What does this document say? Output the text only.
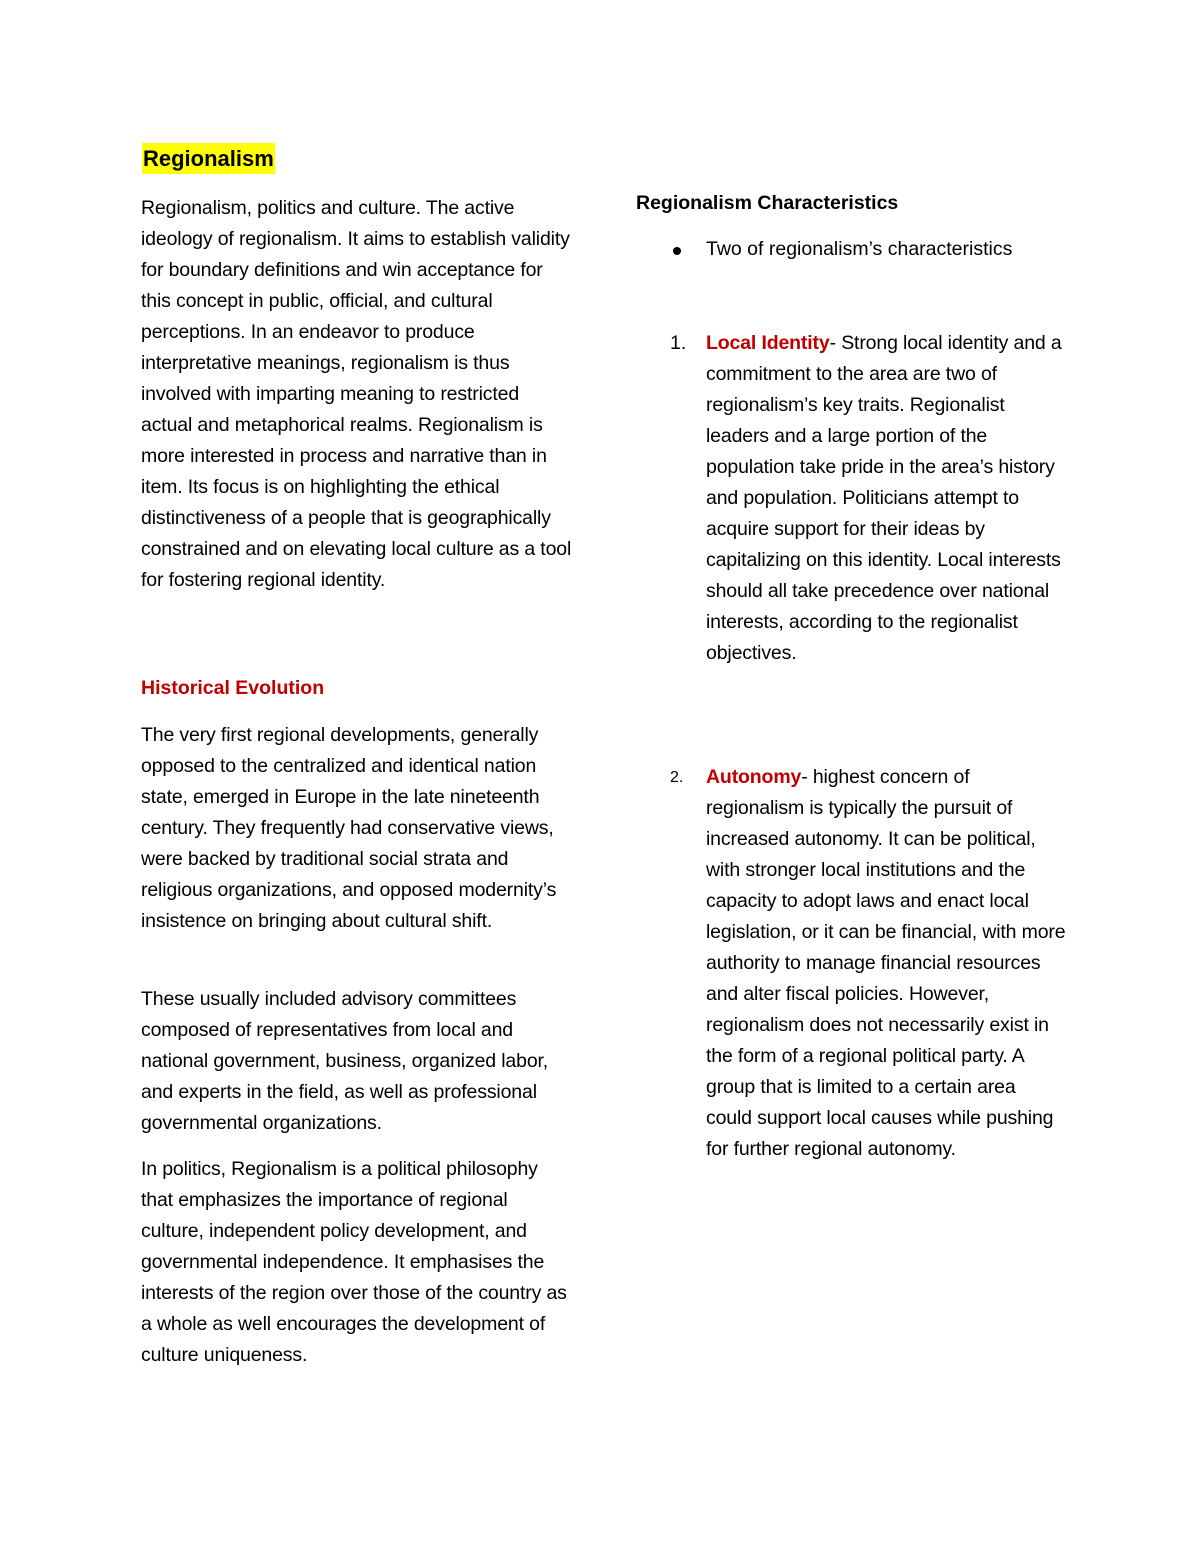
Regionalism

Regionalism, politics and culture. The active ideology of regionalism. It aims to establish validity for boundary definitions and win acceptance for this concept in public, official, and cultural perceptions. In an endeavor to produce interpretative meanings, regionalism is thus involved with imparting meaning to restricted actual and metaphorical realms. Regionalism is more interested in process and narrative than in item. Its focus is on highlighting the ethical distinctiveness of a people that is geographically constrained and on elevating local culture as a tool for fostering regional identity.

Historical Evolution

The very first regional developments, generally opposed to the centralized and identical nation state, emerged in Europe in the late nineteenth century. They frequently had conservative views, were backed by traditional social strata and religious organizations, and opposed modernity’s insistence on bringing about cultural shift.

These usually included advisory committees composed of representatives from local and national government, business, organized labor, and experts in the field, as well as professional governmental organizations.

In politics, Regionalism is a political philosophy that emphasizes the importance of regional culture, independent policy development, and governmental independence. It emphasises the interests of the region over those of the country as a whole as well encourages the development of culture uniqueness.

Regionalism Characteristics

Two of regionalism’s characteristics
1. Local Identity- Strong local identity and a commitment to the area are two of regionalism’s key traits. Regionalist leaders and a large portion of the population take pride in the area’s history and population. Politicians attempt to acquire support for their ideas by capitalizing on this identity. Local interests should all take precedence over national interests, according to the regionalist objectives.
2. Autonomy- highest concern of regionalism is typically the pursuit of increased autonomy. It can be political, with stronger local institutions and the capacity to adopt laws and enact local legislation, or it can be financial, with more authority to manage financial resources and alter fiscal policies. However, regionalism does not necessarily exist in the form of a regional political party. A group that is limited to a certain area could support local causes while pushing for further regional autonomy.
